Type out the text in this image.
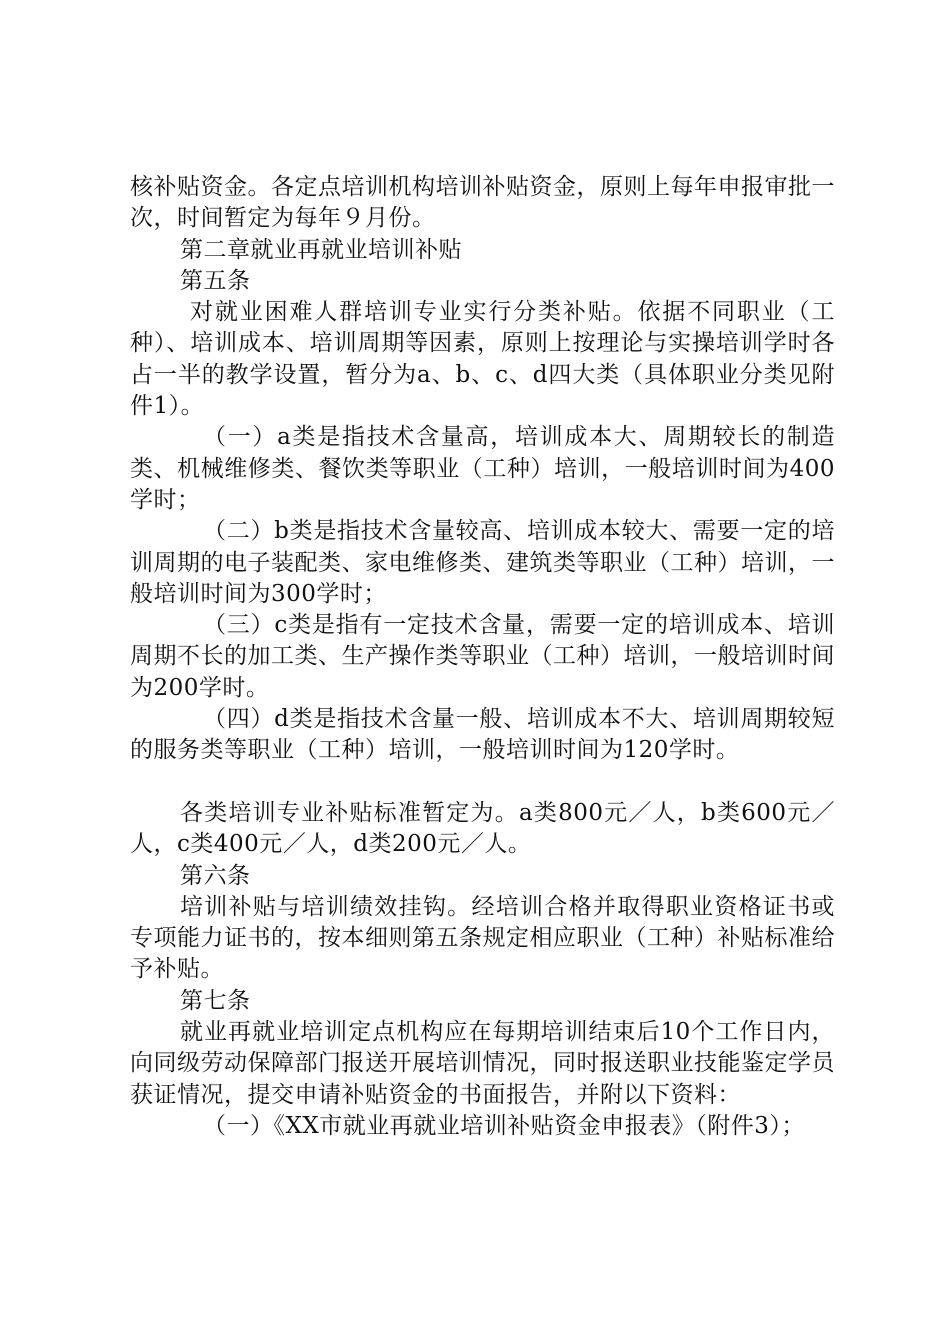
核补贴资金。各定点培训机构培训补贴资金，原则上每年申报审批一次，时间暂定为每年９月份。

第二章就业再就业培训补贴

第五条

对就业困难人群培训专业实行分类补贴。依据不同职业（工种）、培训成本、培训周期等因素，原则上按理论与实操培训学时各占一半的教学设置，暂分为a、b、c、d四大类（具体职业分类见附件1）。

（一）a类是指技术含量高，培训成本大、周期较长的制造类、机械维修类、餐饮类等职业（工种）培训，一般培训时间为400学时；

（二）b类是指技术含量较高、培训成本较大、需要一定的培训周期的电子装配类、家电维修类、建筑类等职业（工种）培训，一般培训时间为300学时；

（三）c类是指有一定技术含量，需要一定的培训成本、培训周期不长的加工类、生产操作类等职业（工种）培训，一般培训时间为200学时。

（四）d类是指技术含量一般、培训成本不大、培训周期较短的服务类等职业（工种）培训，一般培训时间为120学时。

各类培训专业补贴标准暂定为。a类800元／人，b类600元／人，c类400元／人，d类200元／人。

第六条

培训补贴与培训绩效挂钩。经培训合格并取得职业资格证书或专项能力证书的，按本细则第五条规定相应职业（工种）补贴标准给予补贴。

第七条

就业再就业培训定点机构应在每期培训结束后10个工作日内，向同级劳动保障部门报送开展培训情况，同时报送职业技能鉴定学员获证情况，提交申请补贴资金的书面报告，并附以下资料：

（一）《XX市就业再就业培训补贴资金申报表》（附件3）；
